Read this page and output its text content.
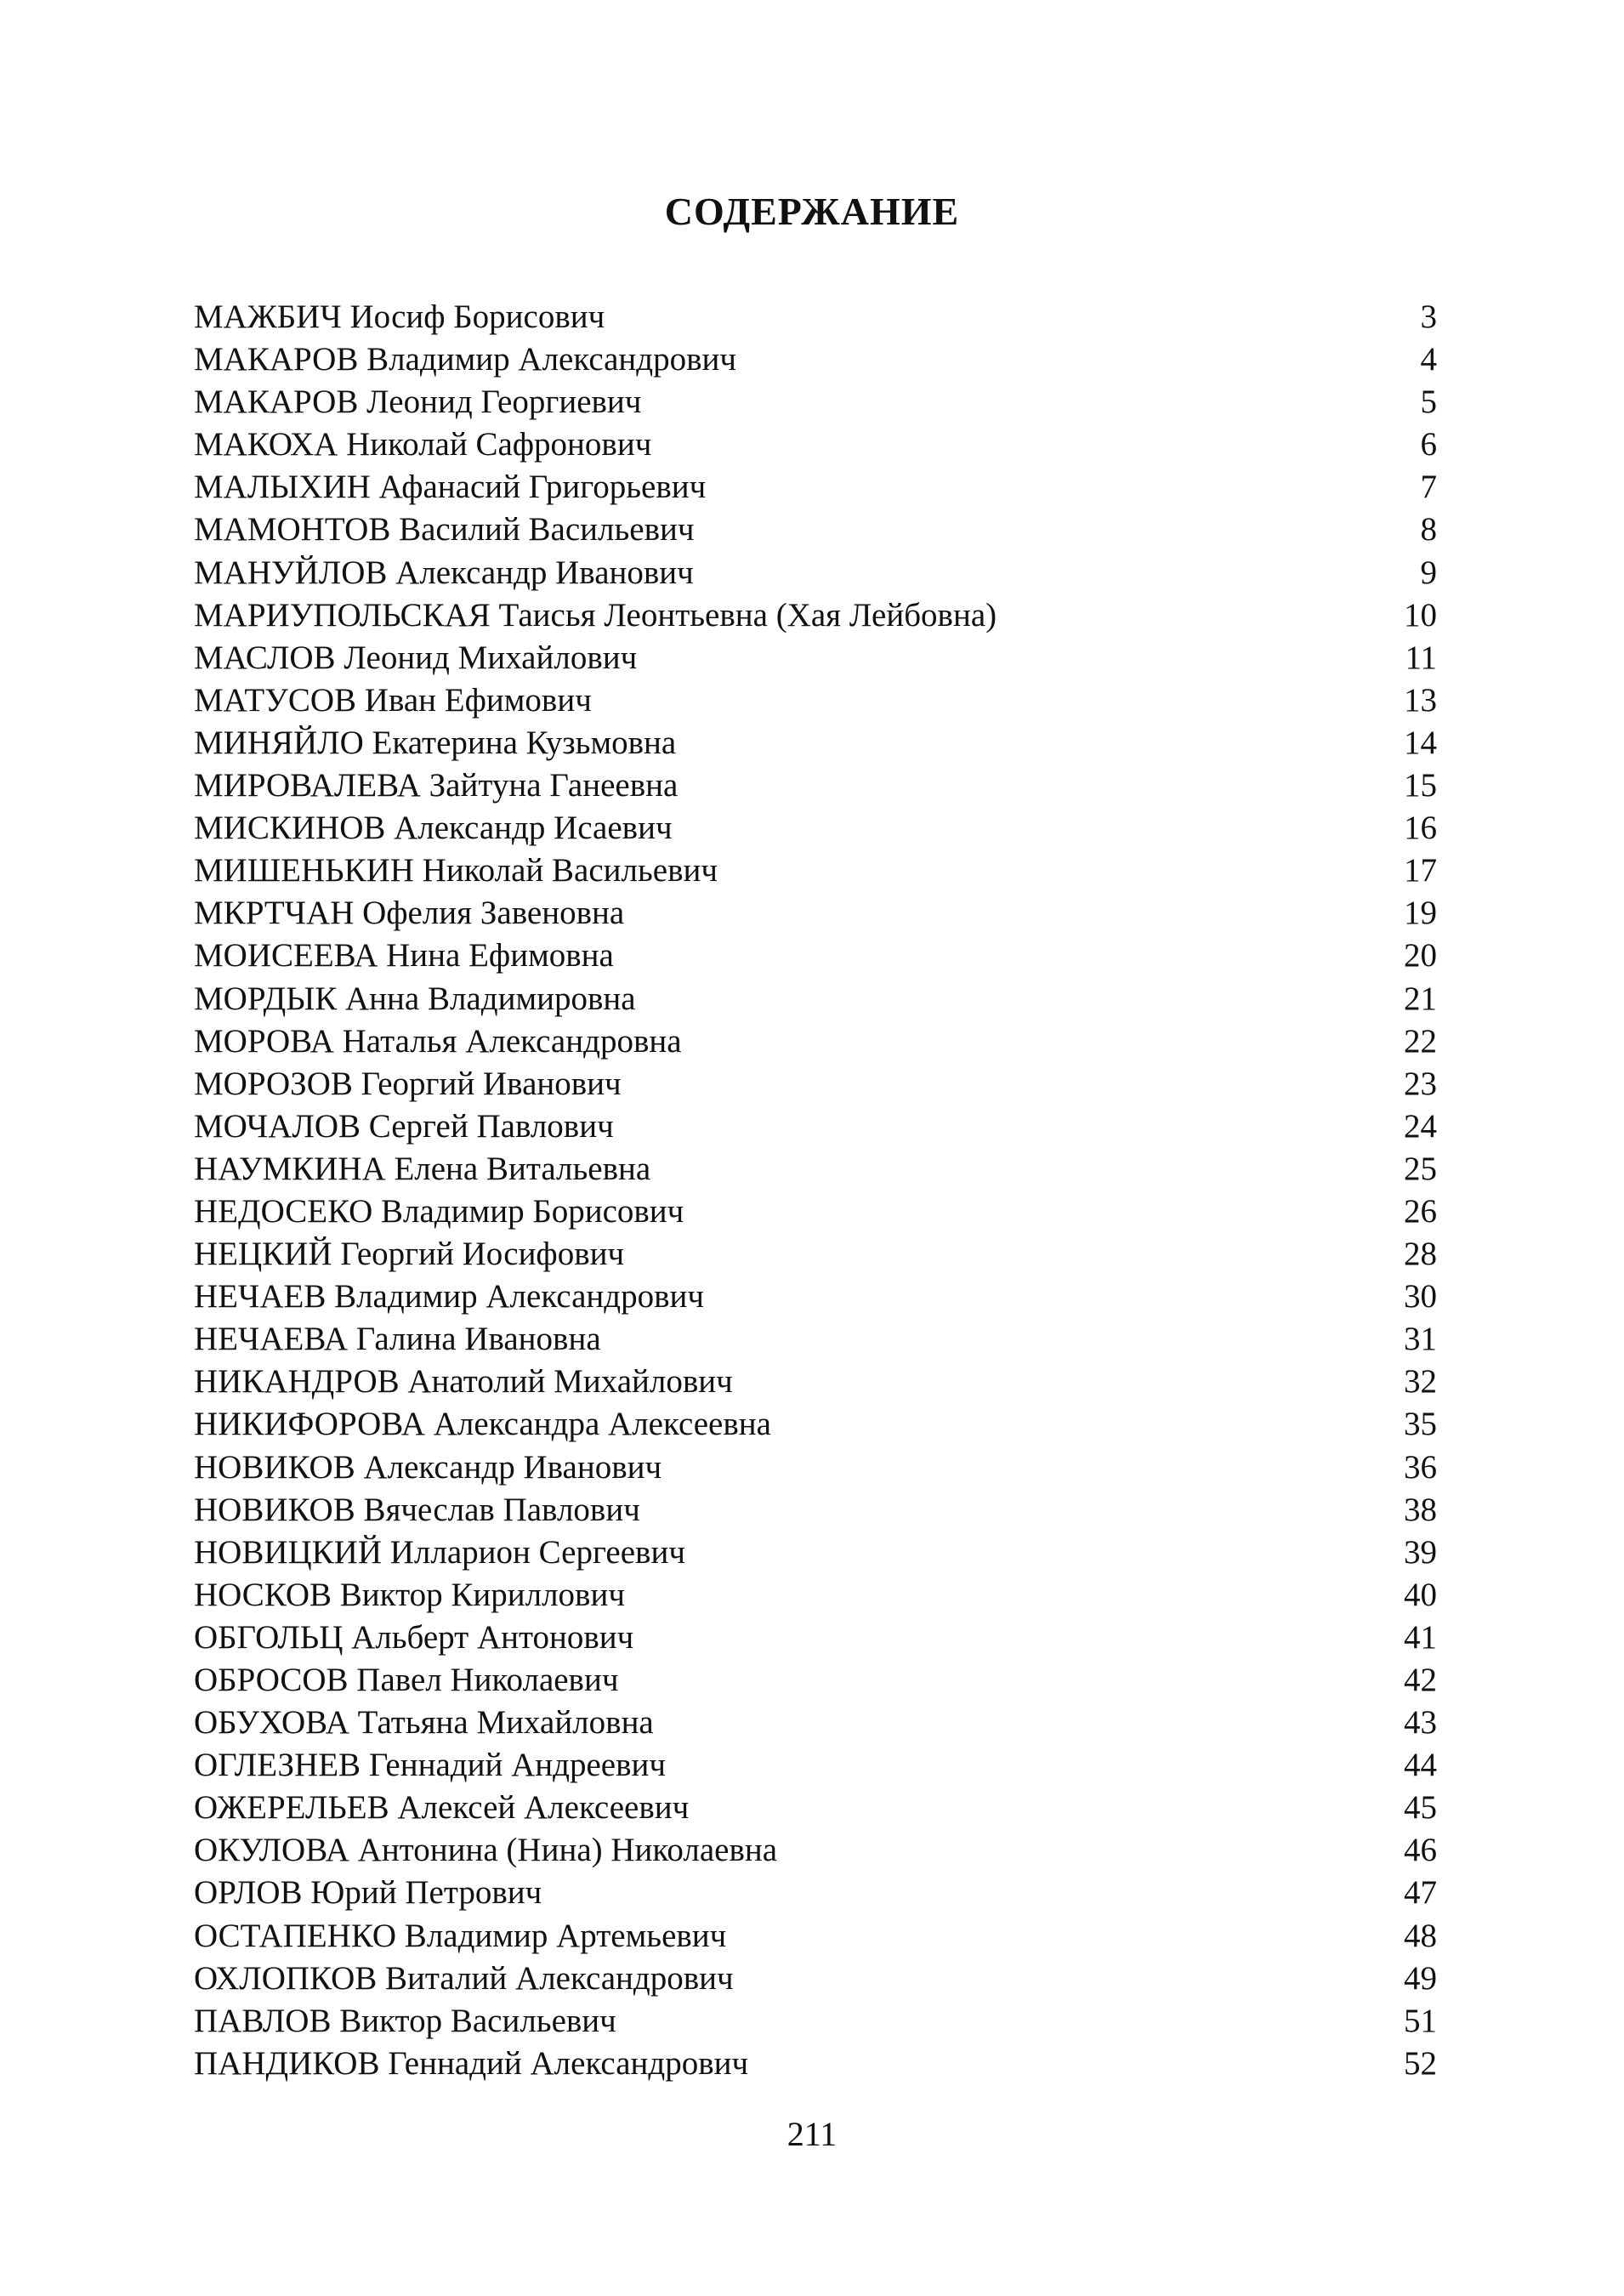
СОДЕРЖАНИЕ
МАЖБИЧ Иосиф Борисович	3
МАКАРОВ Владимир Александрович	4
МАКАРОВ Леонид Георгиевич	5
МАКОХА Николай Сафронович	6
МАЛЫХИН Афанасий Григорьевич	7
МАМОНТОВ Василий Васильевич	8
МАНУЙЛОВ Александр Иванович	9
МАРИУПОЛЬСКАЯ Таисья Леонтьевна (Хая Лейбовна)	10
МАСЛОВ Леонид Михайлович	11
МАТУСОВ Иван Ефимович	13
МИНЯЙЛО Екатерина Кузьмовна	14
МИРОВАЛЕВА Зайтуна Ганеевна	15
МИСКИНОВ Александр Исаевич	16
МИШЕНЬКИН Николай Васильевич	17
МКРТЧАН Офелия Завеновна	19
МОИСЕЕВА Нина Ефимовна	20
МОРДЫК Анна Владимировна	21
МОРОВА Наталья Александровна	22
МОРОЗОВ Георгий Иванович	23
МОЧАЛОВ Сергей Павлович	24
НАУМКИНА Елена Витальевна	25
НЕДОСЕКО Владимир Борисович	26
НЕЦКИЙ Георгий Иосифович	28
НЕЧАЕВ Владимир Александрович	30
НЕЧАЕВА Галина Ивановна	31
НИКАНДРОВ Анатолий Михайлович	32
НИКИФОРОВА Александра Алексеевна	35
НОВИКОВ Александр Иванович	36
НОВИКОВ Вячеслав Павлович	38
НОВИЦКИЙ Илларион Сергеевич	39
НОСКОВ Виктор Кириллович	40
ОБГОЛЬЦ Альберт Антонович	41
ОБРОСОВ Павел Николаевич	42
ОБУХОВА Татьяна Михайловна	43
ОГЛЕЗНЕВ Геннадий Андреевич	44
ОЖЕРЕЛЬЕВ Алексей Алексеевич	45
ОКУЛОВА Антонина (Нина) Николаевна	46
ОРЛОВ Юрий Петрович	47
ОСТАПЕНКО Владимир Артемьевич	48
ОХЛОПКОВ Виталий Александрович	49
ПАВЛОВ Виктор Васильевич	51
ПАНДИКОВ Геннадий Александрович	52
211
